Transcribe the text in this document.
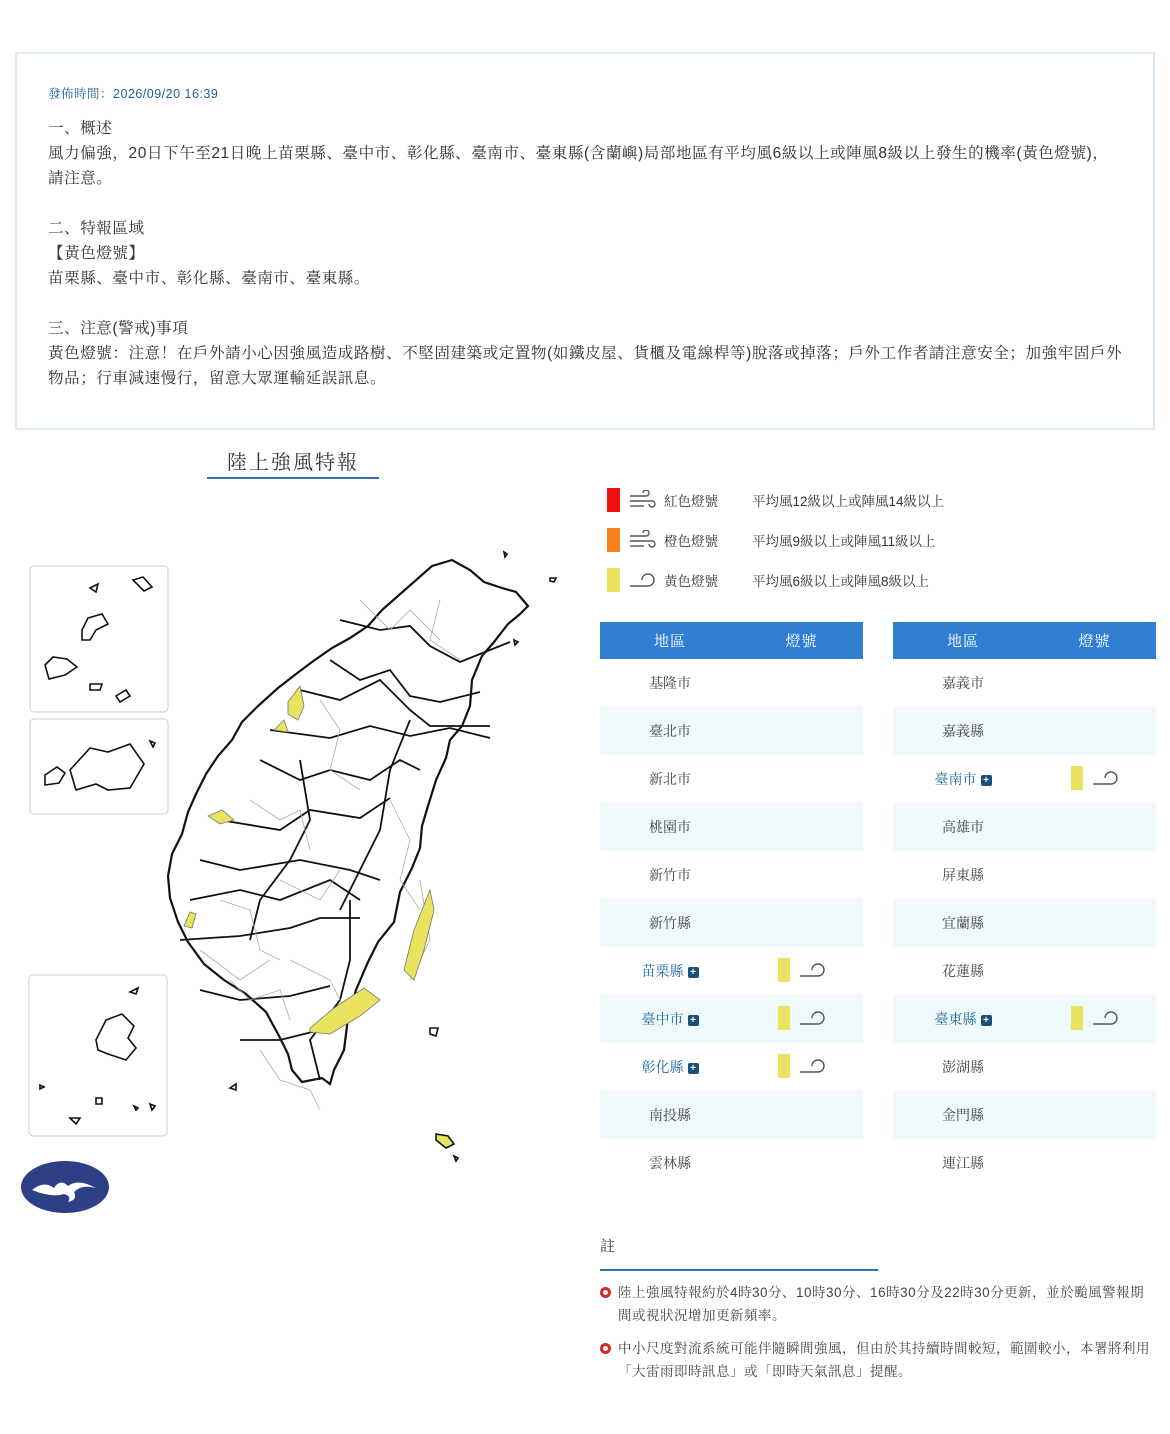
發佈時間：2026/09/20 16:39
一、概述
風力偏強，20日下午至21日晚上苗栗縣、臺中市、彰化縣、臺南市、臺東縣(含蘭嶼)局部地區有平均風6級以上或陣風8級以上發生的機率(黃色燈號)，請注意。
二、特報區域
【黃色燈號】
苗栗縣、臺中市、彰化縣、臺南市、臺東縣。
三、注意(警戒)事項
黃色燈號：注意！在戶外請小心因強風造成路樹、不堅固建築或定置物(如鐵皮屋、貨櫃及電線桿等)脫落或掉落；戶外工作者請注意安全；加強牢固戶外物品；行車減速慢行，留意大眾運輸延誤訊息。
陸上強風特報
紅色燈號	平均風12級以上或陣風14級以上
橙色燈號	平均風9級以上或陣風11級以上
黃色燈號	平均風6級以上或陣風8級以上
地區	燈號
基隆市	
臺北市	
新北市	
桃園市	
新竹市	
新竹縣	
苗栗縣 +	

臺中市 +	

彰化縣 +	

南投縣	
雲林縣	
地區	燈號
嘉義市	
嘉義縣	
臺南市 +	

高雄市	
屏東縣	
宜蘭縣	
花蓮縣	
臺東縣 +	

澎湖縣	
金門縣	
連江縣	
註
陸上強風特報約於4時30分、10時30分、16時30分及22時30分更新，並於颱風警報期間或視狀況增加更新頻率。
中小尺度對流系統可能伴隨瞬間強風，但由於其持續時間較短，範圍較小，本署將利用「大雷雨即時訊息」或「即時天氣訊息」提醒。
